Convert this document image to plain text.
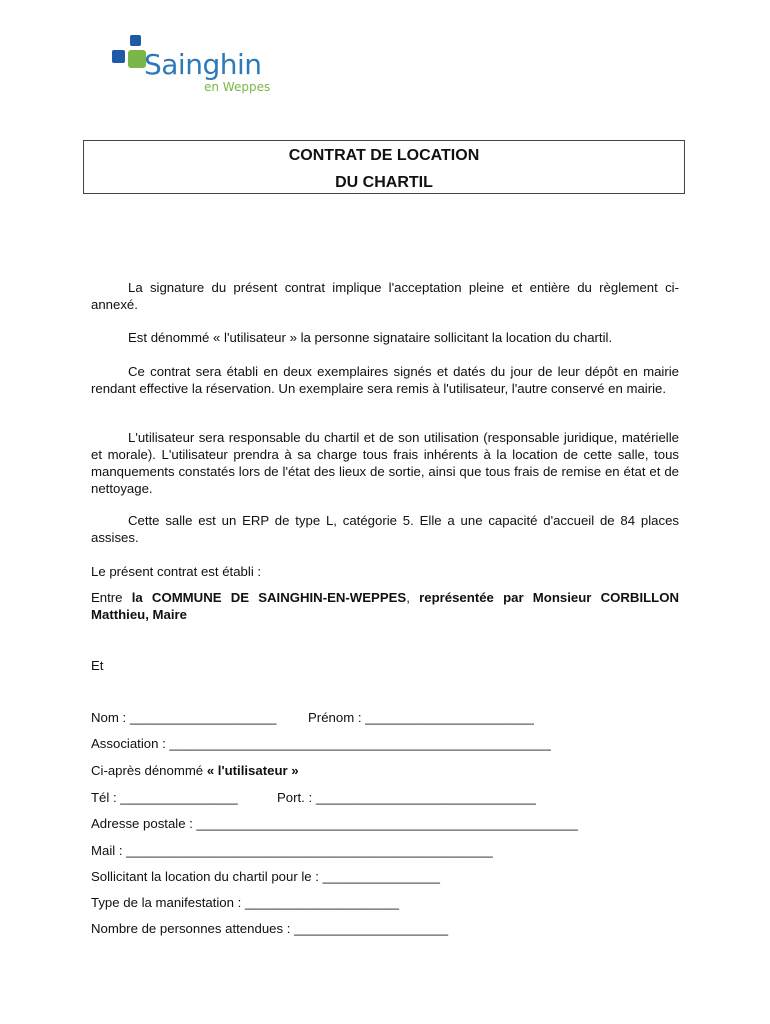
Sainghin
en Weppes
CONTRAT DE LOCATION
DU CHARTIL

La signature du présent contrat implique l'acceptation pleine et entière du règlement ci-annexé.

Est dénommé « l'utilisateur » la personne signataire sollicitant la location du chartil.

Ce contrat sera établi en deux exemplaires signés et datés du jour de leur dépôt en mairie rendant effective la réservation. Un exemplaire sera remis à l'utilisateur, l'autre conservé en mairie.

L'utilisateur sera responsable du chartil et de son utilisation (responsable juridique, matérielle et morale). L'utilisateur prendra à sa charge tous frais inhérents à la location de cette salle, tous manquements constatés lors de l'état des lieux de sortie, ainsi que tous frais de remise en état et de nettoyage.

Cette salle est un ERP de type L, catégorie 5. Elle a une capacité d'accueil de 84 places assises.

Le présent contrat est établi :

Entre la COMMUNE DE SAINGHIN-EN-WEPPES, représentée par Monsieur CORBILLON Matthieu, Maire

Et

Nom : ____________________ Prénom : _______________________
Association : ____________________________________________________
Ci-après dénommé « l'utilisateur »
Tél : ________________	Port. : ______________________________
Adresse postale : ____________________________________________________
Mail : __________________________________________________
Sollicitant la location du chartil pour le : ________________
Type de la manifestation : _____________________
Nombre de personnes attendues : _____________________
